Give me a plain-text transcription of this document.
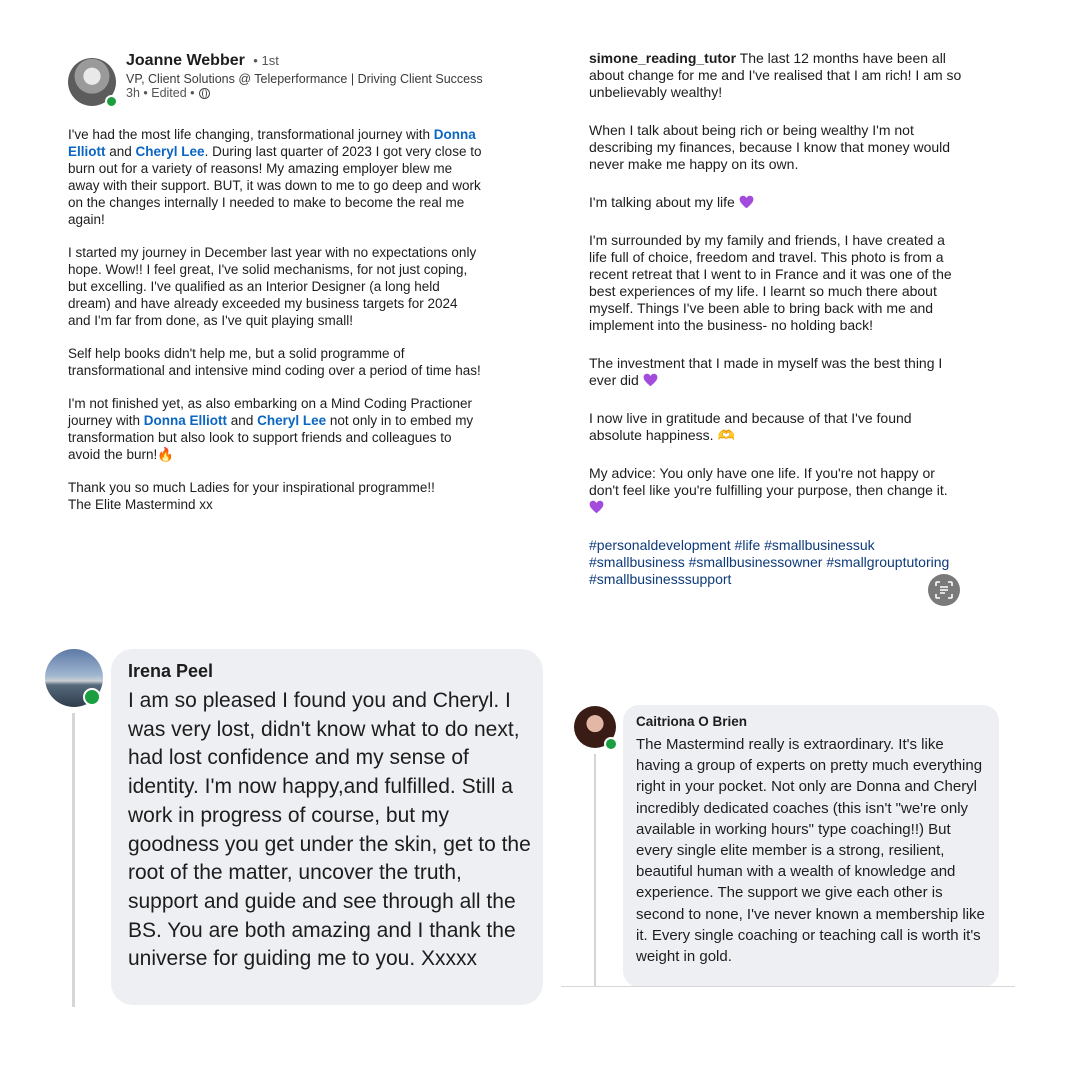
Joanne Webber • 1st
VP, Client Solutions @ Teleperformance | Driving Client Success
3h • Edited •

I've had the most life changing, transformational journey with Donna Elliott and Cheryl Lee. During last quarter of 2023 I got very close to burn out for a variety of reasons! My amazing employer blew me away with their support. BUT, it was down to me to go deep and work on the changes internally I needed to make to become the real me again!

I started my journey in December last year with no expectations only hope. Wow!! I feel great, I've solid mechanisms, for not just coping, but excelling. I've qualified as an Interior Designer (a long held dream) and have already exceeded my business targets for 2024 and I'm far from done, as I've quit playing small!

Self help books didn't help me, but a solid programme of transformational and intensive mind coding over a period of time has!

I'm not finished yet, as also embarking on a Mind Coding Practioner journey with Donna Elliott and Cheryl Lee not only in to embed my transformation but also look to support friends and colleagues to avoid the burn!🔥

Thank you so much Ladies for your inspirational programme!!
The Elite Mastermind xx

simone_reading_tutor The last 12 months have been all about change for me and I've realised that I am rich! I am so unbelievably wealthy!

When I talk about being rich or being wealthy I'm not describing my finances, because I know that money would never make me happy on its own.

I'm talking about my life

I'm surrounded by my family and friends, I have created a life full of choice, freedom and travel. This photo is from a recent retreat that I went to in France and it was one of the best experiences of my life. I learnt so much there about myself. Things I've been able to bring back with me and implement into the business- no holding back!

The investment that I made in myself was the best thing I ever did

I now live in gratitude and because of that I've found absolute happiness. 🫶

My advice: You only have one life. If you're not happy or don't feel like you're fulfilling your purpose, then change it.

#personaldevelopment #life #smallbusinessuk #smallbusiness #smallbusinessowner #smallgrouptutoring #smallbusinesssupport
Irena Peel
I am so pleased I found you and Cheryl. I was very lost, didn't know what to do next, had lost confidence and my sense of identity. I'm now happy,and fulfilled. Still a work in progress of course, but my goodness you get under the skin, get to the root of the matter, uncover the truth, support and guide and see through all the BS. You are both amazing and I thank the universe for guiding me to you. Xxxxx
Caitriona O Brien
The Mastermind really is extraordinary. It's like having a group of experts on pretty much everything right in your pocket. Not only are Donna and Cheryl incredibly dedicated coaches (this isn't "we're only available in working hours" type coaching!!) But every single elite member is a strong, resilient, beautiful human with a wealth of knowledge and experience. The support we give each other is second to none, I've never known a membership like it. Every single coaching or teaching call is worth it's weight in gold.
